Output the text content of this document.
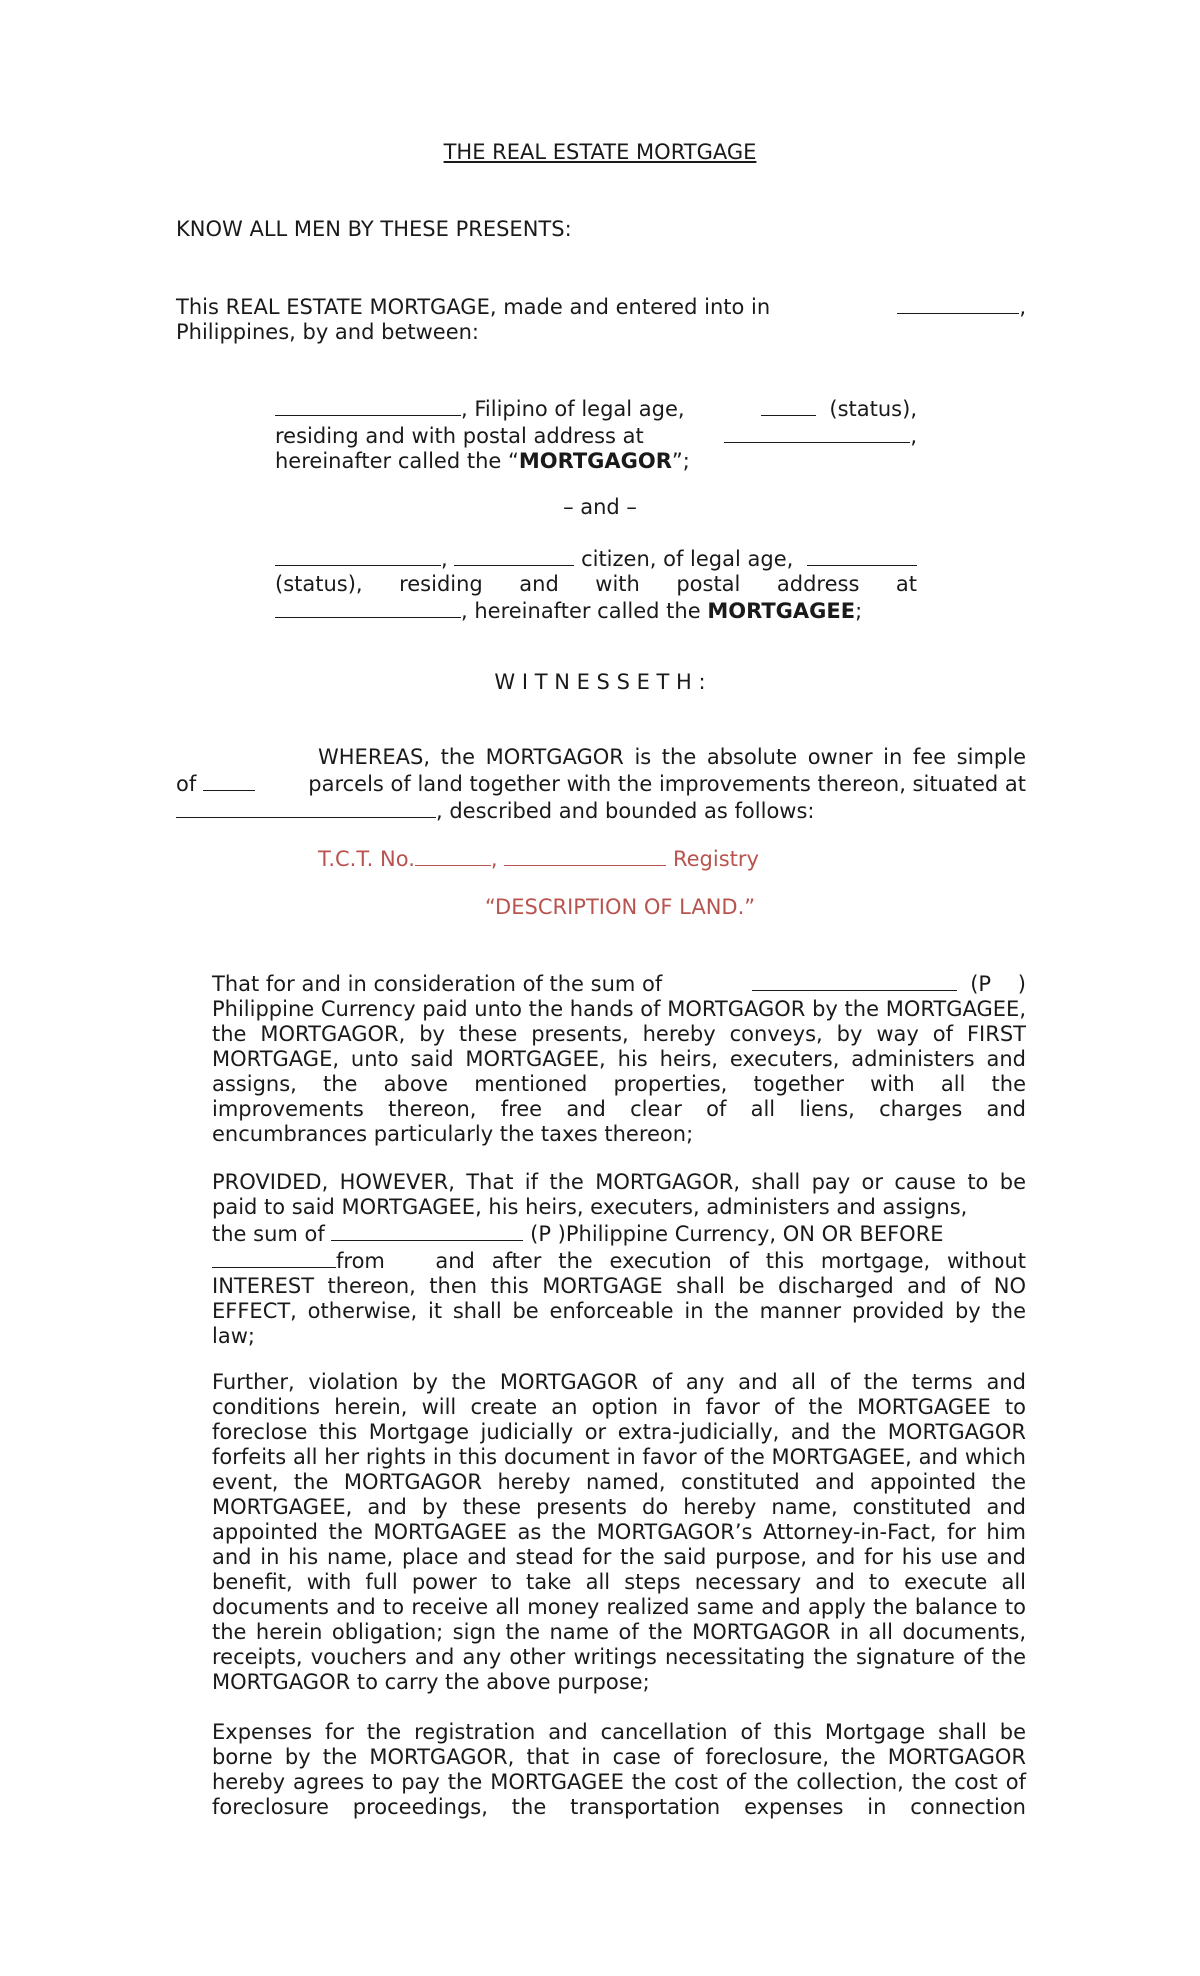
THE REAL ESTATE MORTGAGE
KNOW ALL MEN BY THESE PRESENTS:
This REAL ESTATE MORTGAGE, made and entered into in	,
Philippines, by and between:
, Filipino of legal age,	(status),
residing and with postal address at	,
hereinafter called the “MORTGAGOR”;
– and –
,	citizen, of legal age,
(status), residing and with postal address at
, hereinafter called the MORTGAGEE;
W I T N E S S E T H :
WHEREAS, the MORTGAGOR is the absolute owner in fee simple
of	parcels of land together with the improvements thereon, situated at
, described and bounded as follows:
T.C.T. No.	,	Registry
“DESCRIPTION OF LAND.”
That for and in consideration of the sum of	(P    )

Philippine Currency paid unto the hands of MORTGAGOR by the MORTGAGEE, the MORTGAGOR, by these presents, hereby conveys, by way of FIRST MORTGAGE, unto said MORTGAGEE, his heirs, executers, administers and assigns, the above mentioned properties, together with all the improvements thereon, free and clear of all liens, charges and encumbrances particularly the taxes thereon;

PROVIDED, HOWEVER, That if the MORTGAGOR, shall pay or cause to be paid to said MORTGAGEE, his heirs, executers, administers and assigns,

the sum of	(P )Philippine Currency, ON OR BEFORE

from   and after the execution of this mortgage, without INTEREST thereon, then this MORTGAGE shall be discharged and of NO EFFECT, otherwise, it shall be enforceable in the manner provided by the law;

Further, violation by the MORTGAGOR of any and all of the terms and conditions herein, will create an option in favor of the MORTGAGEE to foreclose this Mortgage judicially or extra-judicially, and the MORTGAGOR forfeits all her rights in this document in favor of the MORTGAGEE, and which event, the MORTGAGOR hereby named, constituted and appointed the MORTGAGEE, and by these presents do hereby name, constituted and appointed the MORTGAGEE as the MORTGAGOR’s Attorney-in-Fact, for him and in his name, place and stead for the said purpose, and for his use and benefit, with full power to take all steps necessary and to execute all documents and to receive all money realized same and apply the balance to the herein obligation; sign the name of the MORTGAGOR in all documents, receipts, vouchers and any other writings necessitating the signature of the MORTGAGOR to carry the above purpose;

Expenses for the registration and cancellation of this Mortgage shall be borne by the MORTGAGOR, that in case of foreclosure, the MORTGAGOR hereby agrees to pay the MORTGAGEE the cost of the collection, the cost of foreclosure proceedings, the transportation expenses in connection
